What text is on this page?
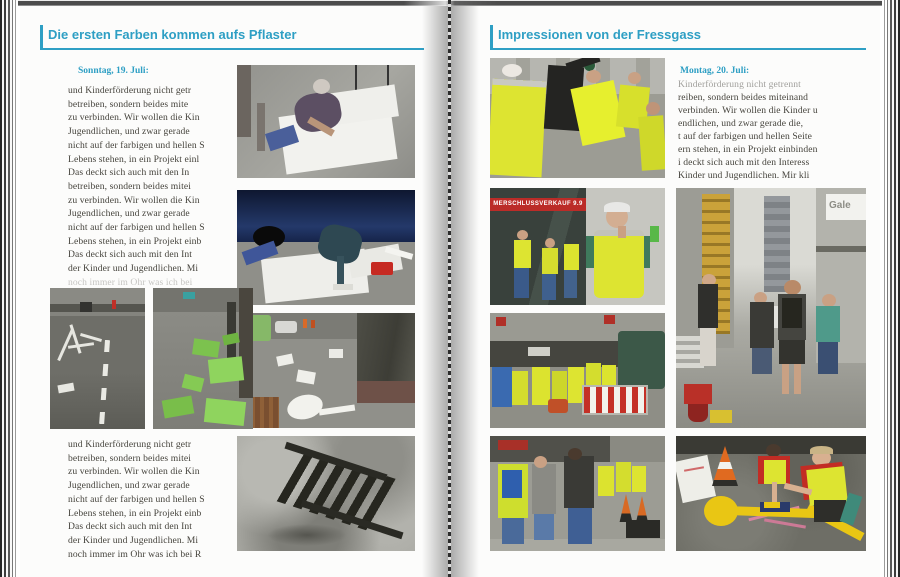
Die ersten Farben kommen aufs Pflaster
Sonntag, 19. Juli:
und Kinderförderung nicht getr
betreiben, sondern beides mite
zu verbinden. Wir wollen die Kin
Jugendlichen, und zwar gerade
nicht auf der farbigen und hellen S
Lebens stehen, in ein Projekt einl
Das deckt sich auch mit den In
betreiben, sondern beides mitei
zu verbinden. Wir wollen die Kin
Jugendlichen, und zwar gerade
nicht auf der farbigen und hellen S
Lebens stehen, in ein Projekt einb
Das deckt sich auch mit den Int
der Kinder und Jugendlichen. Mi
noch immer im Ohr was ich bei
und Kinderförderung nicht getr
betreiben, sondern beides mitei
zu verbinden. Wir wollen die Kin
Jugendlichen, und zwar gerade
nicht auf der farbigen und hellen S
Lebens stehen, in ein Projekt einb
Das deckt sich auch mit den Int
der Kinder und Jugendlichen. Mi
noch immer im Ohr was ich bei R
Impressionen von der Fressgass
Montag, 20. Juli:
Kinderförderung nicht getrennt
reiben, sondern beides miteinand
verbinden. Wir wollen die Kinder u
endlichen, und zwar gerade die,
t auf der farbigen und hellen Seite
ern stehen, in ein Projekt einbinden
i deckt sich auch mit den Interess
Kinder und Jugendlichen. Mir kli
MERSCHLUSSVERKAUF 9.9	Gale
